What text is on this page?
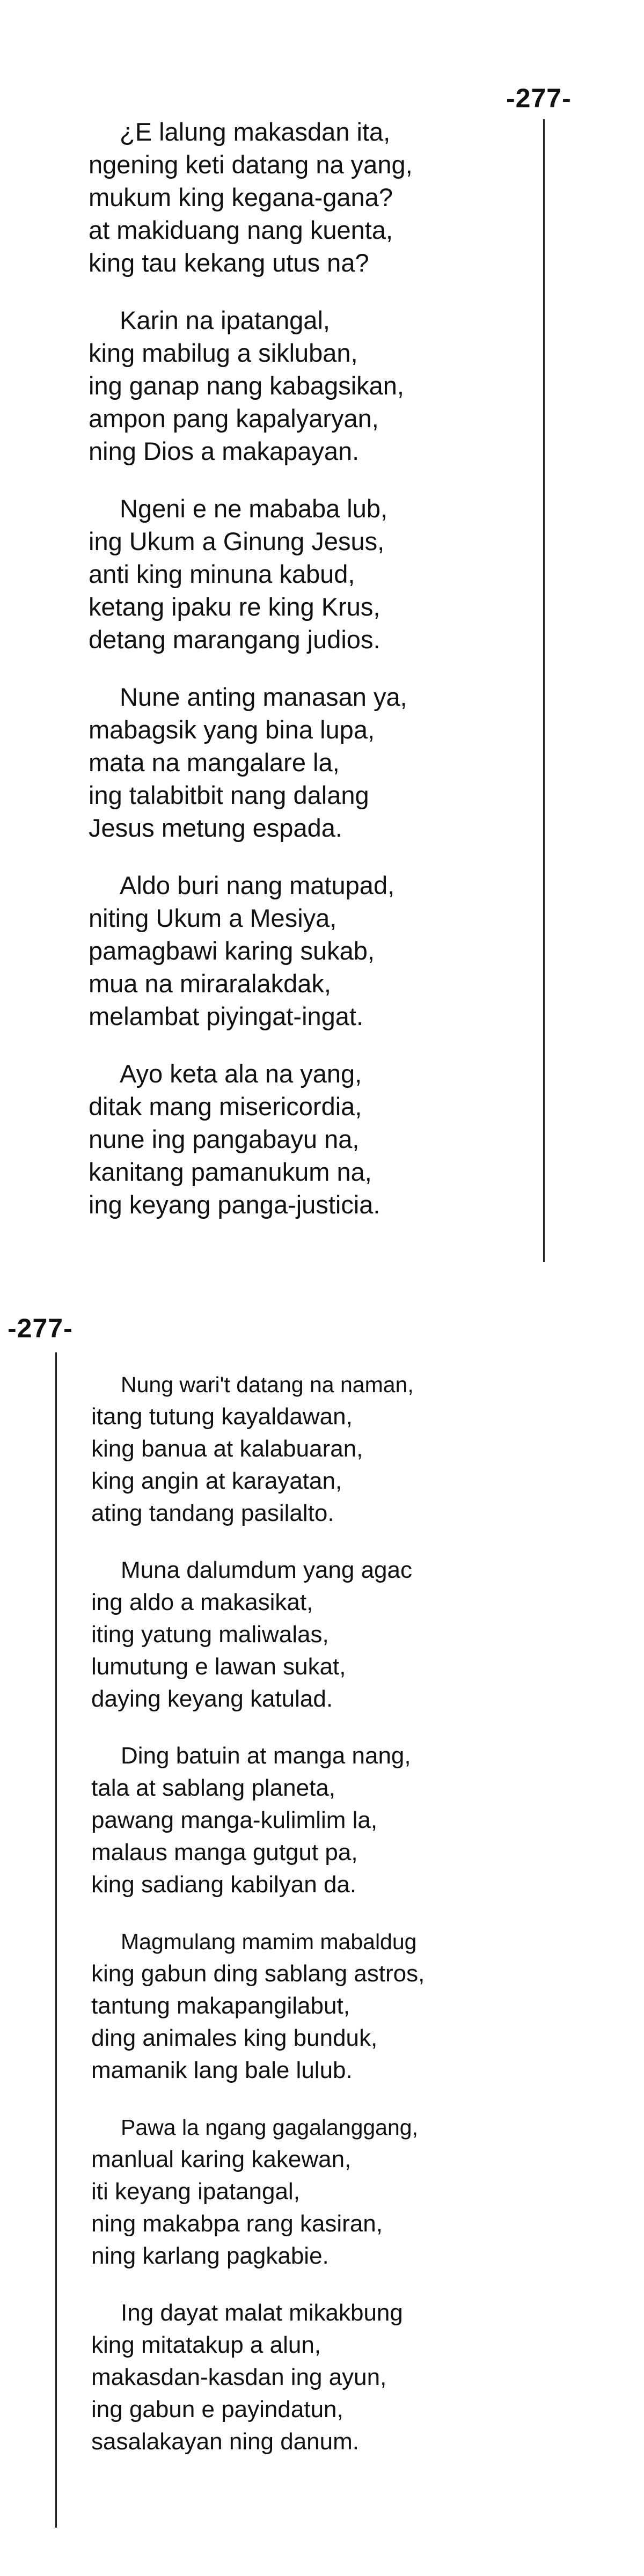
-277-
¿E lalung makasdan ita,
ngening keti datang na yang,
mukum king kegana-gana?
at makiduang nang kuenta,
king tau kekang utus na?
Karin na ipatangal,
king mabilug a sikluban,
ing ganap nang kabagsikan,
ampon pang kapalyaryan,
ning Dios a makapayan.
Ngeni e ne mababa lub,
ing Ukum a Ginung Jesus,
anti king minuna kabud,
ketang ipaku re king Krus,
detang marangang judios.
Nune anting manasan ya,
mabagsik yang bina lupa,
mata na mangalare la,
ing talabitbit nang dalang
Jesus metung espada.
Aldo buri nang matupad,
niting Ukum a Mesiya,
pamagbawi karing sukab,
mua na miraralakdak,
melambat piyingat-ingat.
Ayo keta ala na yang,
ditak mang misericordia,
nune ing pangabayu na,
kanitang pamanukum na,
ing keyang panga-justicia.
-277-
Nung wari't datang na naman,
itang tutung kayaldawan,
king banua at kalabuaran,
king angin at karayatan,
ating tandang pasilalto.
Muna dalumdum yang agac
ing aldo a makasikat,
iting yatung maliwalas,
lumutung e lawan sukat,
daying keyang katulad.
Ding batuin at manga nang,
tala at sablang planeta,
pawang manga-kulimlim la,
malaus manga gutgut pa,
king sadiang kabilyan da.
Magmulang mamim mabaldug
king gabun ding sablang astros,
tantung makapangilabut,
ding animales king bunduk,
mamanik lang bale lulub.
Pawa la ngang gagalanggang,
manlual karing kakewan,
iti keyang ipatangal,
ning makabpa rang kasiran,
ning karlang pagkabie.
Ing dayat malat mikakbung
king mitatakup a alun,
makasdan-kasdan ing ayun,
ing gabun e payindatun,
sasalakayan ning danum.
